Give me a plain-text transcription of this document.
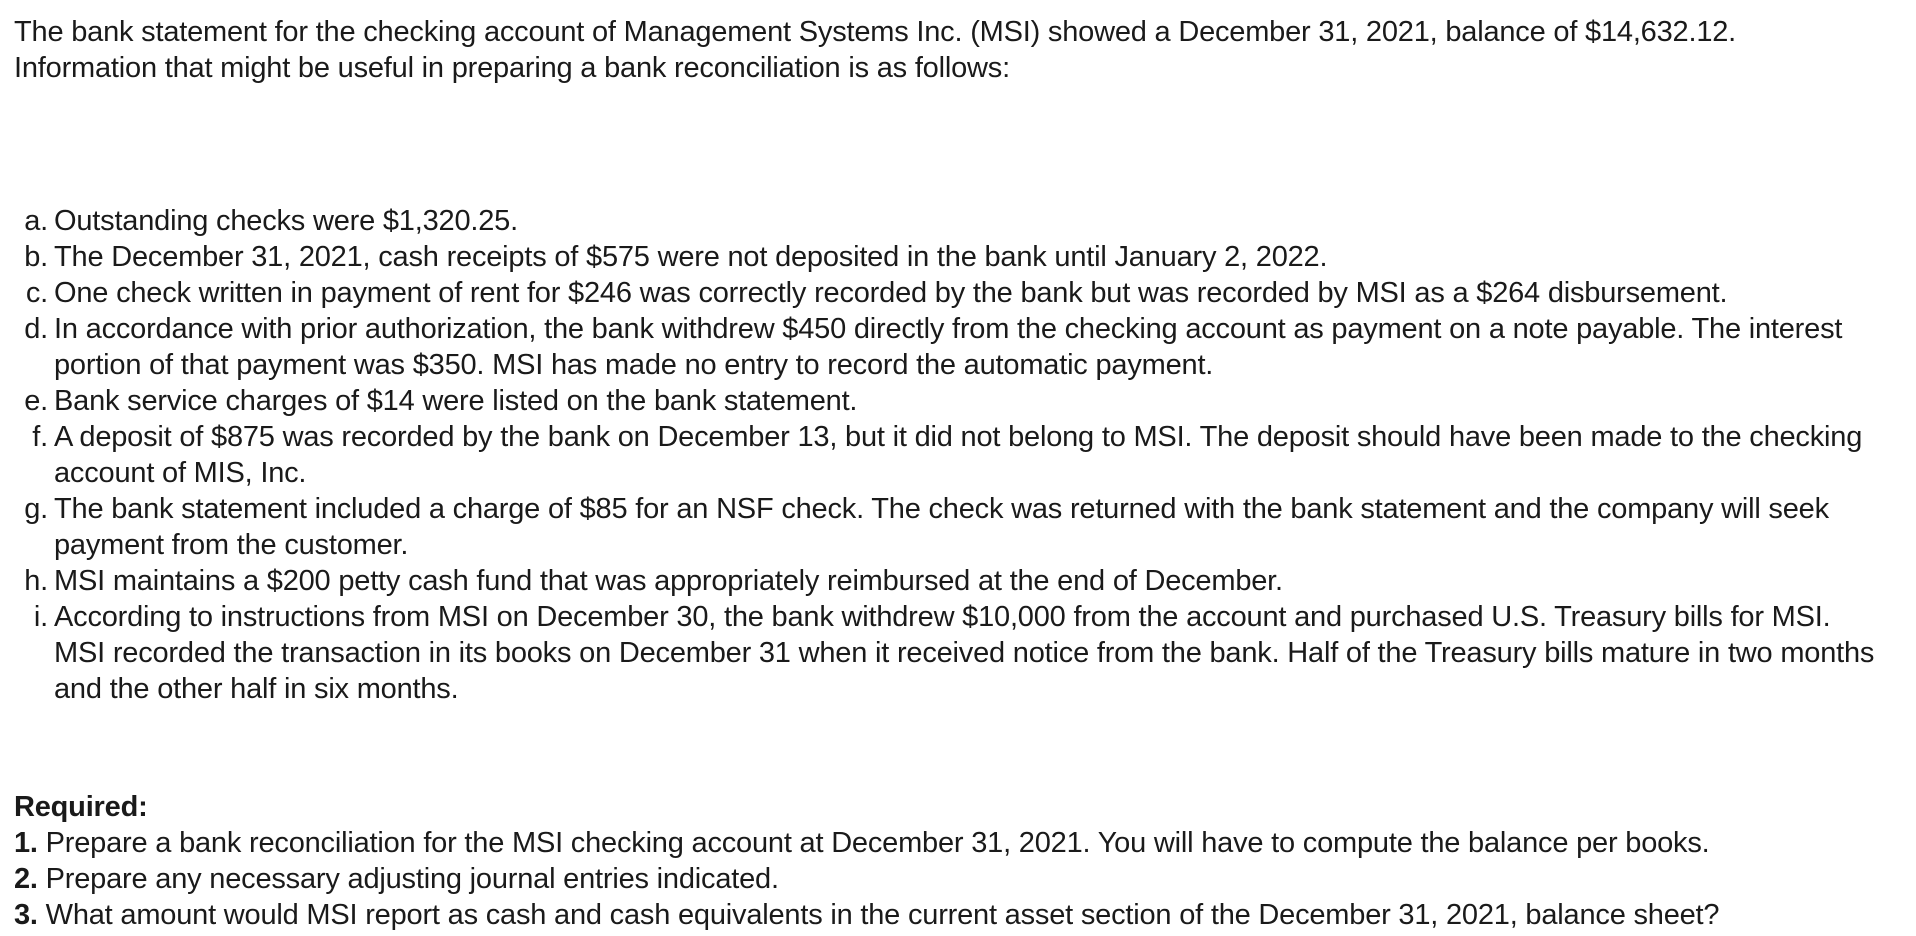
The bank statement for the checking account of Management Systems Inc. (MSI) showed a December 31, 2021, balance of $14,632.12.

Information that might be useful in preparing a bank reconciliation is as follows:

a. Outstanding checks were $1,320.25.
b. The December 31, 2021, cash receipts of $575 were not deposited in the bank until January 2, 2022.
c. One check written in payment of rent for $246 was correctly recorded by the bank but was recorded by MSI as a $264 disbursement.
d. In accordance with prior authorization, the bank withdrew $450 directly from the checking account as payment on a note payable. The interest portion of that payment was $350. MSI has made no entry to record the automatic payment.
e. Bank service charges of $14 were listed on the bank statement.
f. A deposit of $875 was recorded by the bank on December 13, but it did not belong to MSI. The deposit should have been made to the checking account of MIS, Inc.
g. The bank statement included a charge of $85 for an NSF check. The check was returned with the bank statement and the company will seek payment from the customer.
h. MSI maintains a $200 petty cash fund that was appropriately reimbursed at the end of December.
i. According to instructions from MSI on December 30, the bank withdrew $10,000 from the account and purchased U.S. Treasury bills for MSI. MSI recorded the transaction in its books on December 31 when it received notice from the bank. Half of the Treasury bills mature in two months and the other half in six months.

Required:

1. Prepare a bank reconciliation for the MSI checking account at December 31, 2021. You will have to compute the balance per books.

2. Prepare any necessary adjusting journal entries indicated.

3. What amount would MSI report as cash and cash equivalents in the current asset section of the December 31, 2021, balance sheet?
